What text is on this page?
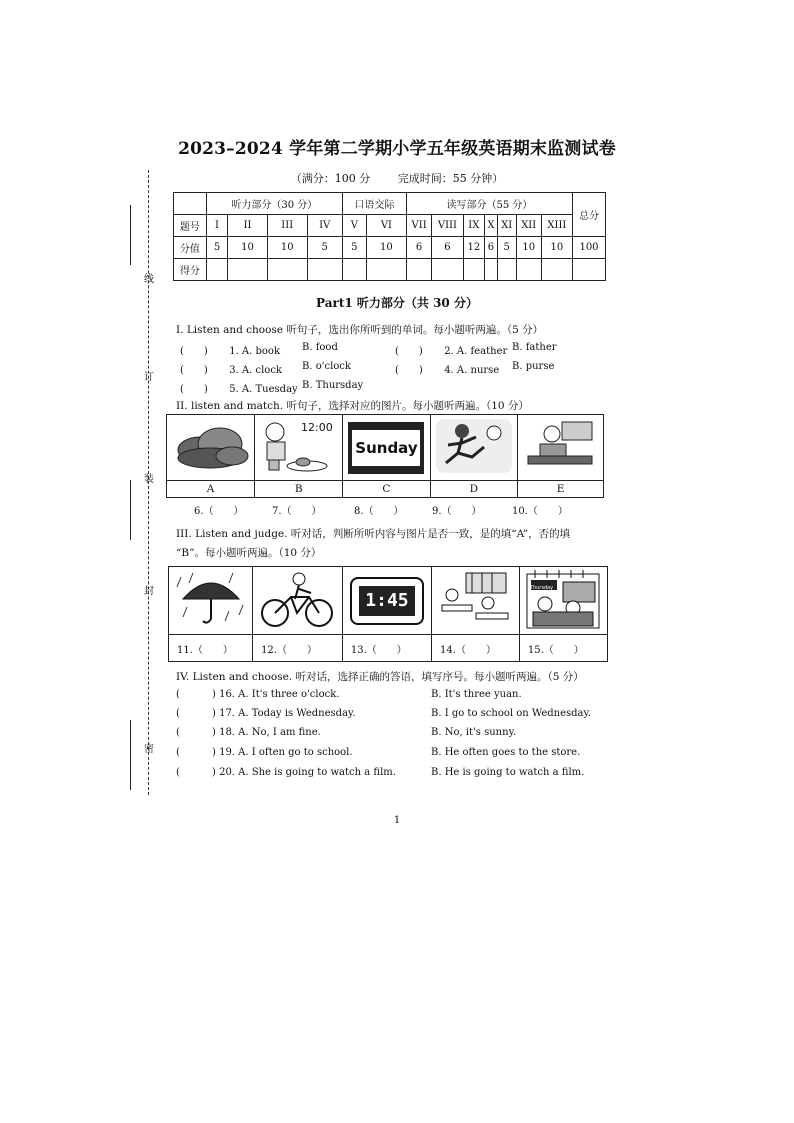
线
订
装
封
密
2023–2024 学年第二学期小学五年级英语期末监测试卷
（满分：100 分	完成时间：55 分钟）
	听力部分（30 分）				口语交际		读写部分（55 分）							总分
题号	I	II	III	IV	V	VI	VII	VIII	IX	X	XI	XII	XIII	
分值	5	10	10	5	5	10	6	6	12	6	5	10	10	100
得分														
Part1 听力部分（共 30 分）
I. Listen and choose 听句子，选出你所听到的单词。每小题听两遍。（5 分）
(　　) 1. A. book B. food	(　　) 2. A. feather B. father
(　　) 3. A. clock B. o'clock	(　　) 4. A. nurse B. purse
(　　) 5. A. Tuesday B. Thursday
II. listen and match. 听句子，选择对应的图片。每小题听两遍。（10 分）

12:00	Sunday

A	B	C	D	E
6.（　　）	7.（　　）	8.（　　）	9.（　　）	10.（　　）
III. Listen and judge. 听对话，判断所听内容与图片是否一致，是的填“A”，否的填
“B”。每小题听两遍。（10 分）

1:45		Thursday

11.（　　）	12.（　　）	13.（　　）	14.（　　）	15.（　　）
IV. Listen and choose. 听对话，选择正确的答语，填写序号。每小题听两遍。（5 分）
(	) 16. A. It's three o'clock.	B. It's three yuan.
(	) 17. A. Today is Wednesday.	B. I go to school on Wednesday.
(	) 18. A. No, I am fine.	B. No, it's sunny.
(	) 19. A. I often go to school.	B. He often goes to the store.
(	) 20. A. She is going to watch a film.	B. He is going to watch a film.
1
